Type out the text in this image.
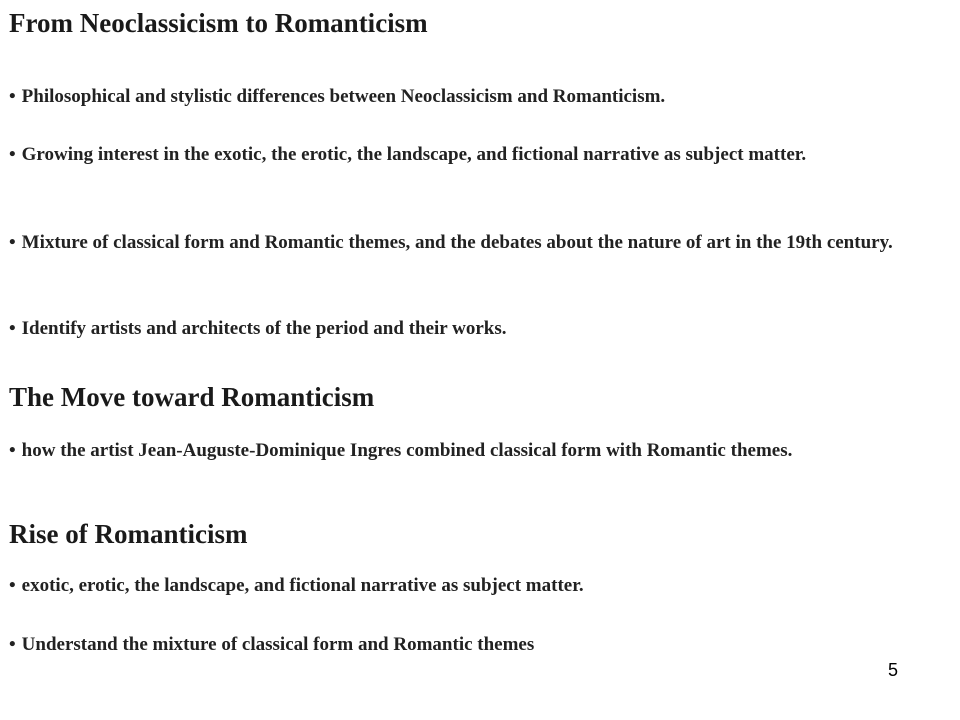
From Neoclassicism to Romanticism

• Philosophical and stylistic differences between Neoclassicism and Romanticism.

• Growing interest in the exotic, the erotic, the landscape, and fictional narrative as subject matter.

• Mixture of classical form and Romantic themes, and the debates about the nature of art in the 19th century.

• Identify artists and architects of the period and their works.

The Move toward Romanticism

• how the artist Jean-Auguste-Dominique Ingres combined classical form with Romantic themes.

Rise of Romanticism

• exotic, erotic, the landscape, and fictional narrative as subject matter.

• Understand the mixture of classical form and Romantic themes

5
